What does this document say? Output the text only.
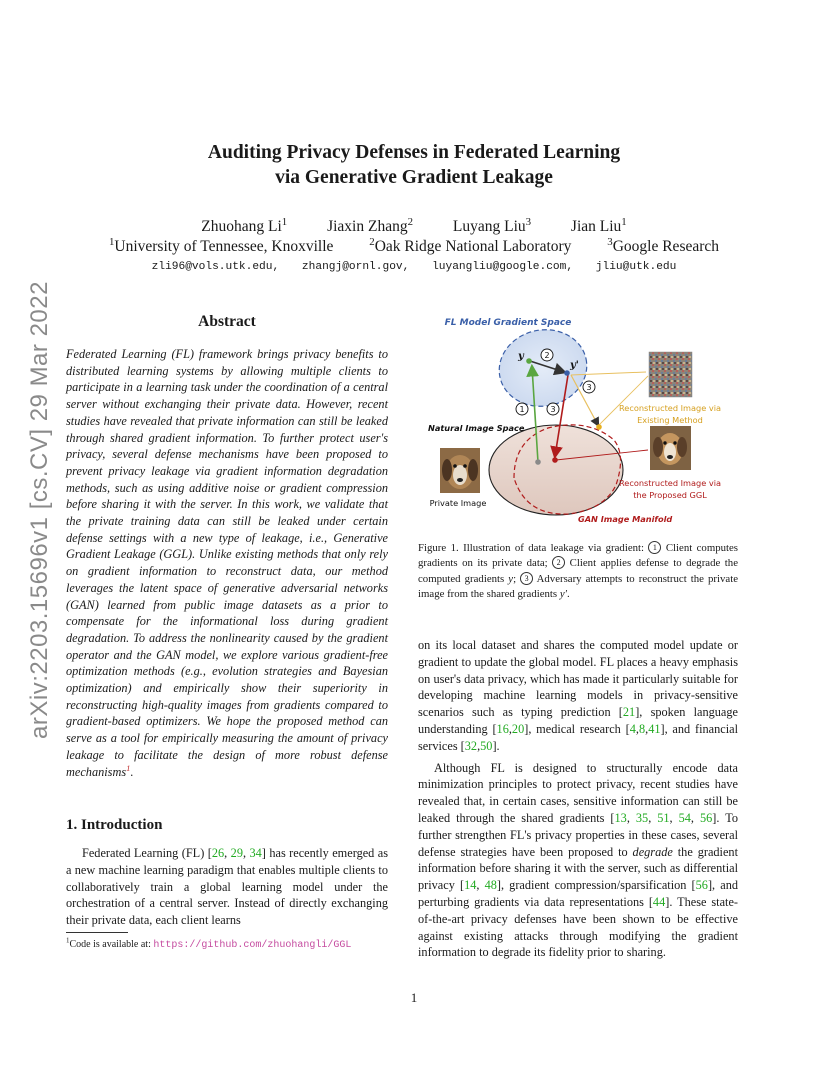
arXiv:2203.15696v1 [cs.CV] 29 Mar 2022
Auditing Privacy Defenses in Federated Learning
via Generative Gradient Leakage
Zhuohang Li$^1$	Jiaxin Zhang$^2$	Luyang Liu$^3$	Jian Liu$^1$
$^1$University of Tennessee, Knoxville	$^2$Oak Ridge National Laboratory	$^3$Google Research
zli96@vols.utk.edu, zhangj@ornl.gov, luyangliu@google.com, jliu@utk.edu
Abstract
Federated Learning (FL) framework brings privacy benefits to distributed learning systems by allowing multiple clients to participate in a learning task under the coordination of a central server without exchanging their private data. However, recent studies have revealed that private information can still be leaked through shared gradient information. To further protect user's privacy, several defense mechanisms have been proposed to prevent privacy leakage via gradient information degradation methods, such as using additive noise or gradient compression before sharing it with the server. In this work, we validate that the private training data can still be leaked under certain defense settings with a new type of leakage, i.e., Generative Gradient Leakage (GGL). Unlike existing methods that only rely on gradient information to reconstruct data, our method leverages the latent space of generative adversarial networks (GAN) learned from public image datasets as a prior to compensate for the informational loss during gradient degradation. To address the nonlinearity caused by the gradient operator and the GAN model, we explore various gradient-free optimization methods (e.g., evolution strategies and Bayesian optimization) and empirically show their superiority in reconstructing high-quality images from gradients compared to gradient-based optimizers. We hope the proposed method can serve as a tool for empirically measuring the amount of privacy leakage to facilitate the design of more robust defense mechanisms$^1$.
1. Introduction
Federated Learning (FL) [26, 29, 34] has recently emerged as a new machine learning paradigm that enables multiple clients to collaboratively train a global learning model under the orchestration of a central server. Instead of directly exchanging their private data, each client learns
$^1$Code is available at: https://github.com/zhuohangli/GGL
FL Model Gradient Space
Natural Image Space
GAN Image Manifold
Private Image
Reconstructed Image via
Existing Method
Reconstructed Image via
the Proposed GGL
y
y'
2
1	3
3
Figure 1. Illustration of data leakage via gradient: 1 Client computes gradients on its private data; 2 Client applies defense to degrade the computed gradients y; 3 Adversary attempts to reconstruct the private image from the shared gradients y′.

on its local dataset and shares the computed model update or gradient to update the global model. FL places a heavy emphasis on user's data privacy, which has made it particularly suitable for developing machine learning models in privacy-sensitive scenarios such as typing prediction [21], spoken language understanding [16,20], medical research [4,8,41], and financial services [32,50].

Although FL is designed to structurally encode data minimization principles to protect privacy, recent studies have revealed that, in certain cases, sensitive information can still be leaked through the shared gradients [13, 35, 51, 54, 56]. To further strengthen FL's privacy properties in these cases, several defense strategies have been proposed to degrade the gradient information before sharing it with the server, such as differential privacy [14, 48], gradient compression/sparsification [56], and perturbing gradients via data representations [44]. These state-of-the-art privacy defenses have been shown to be effective against existing attacks through modifying the gradient information to degrade its fidelity prior to sharing.

1
